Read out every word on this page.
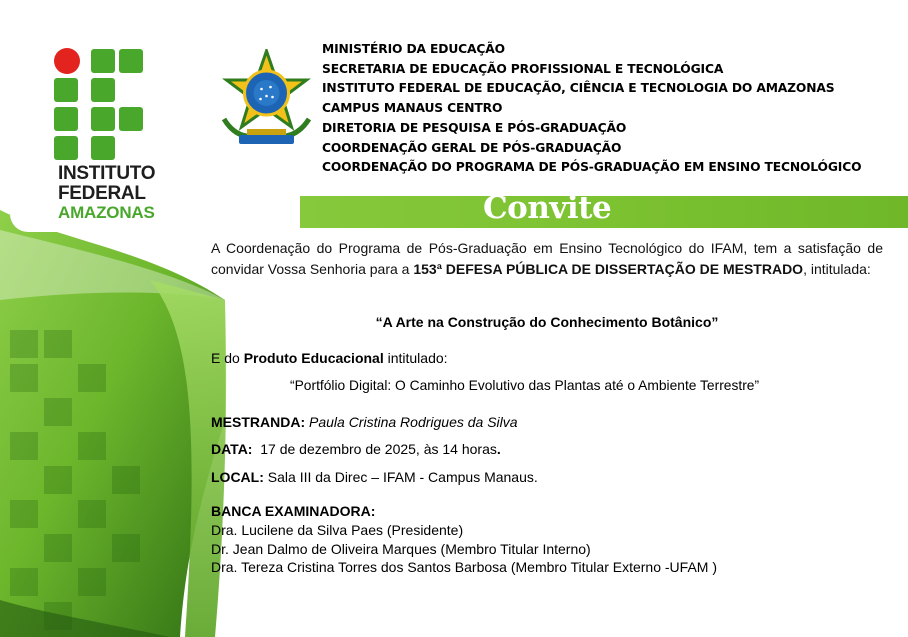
INSTITUTO
FEDERAL
AMAZONAS
MINISTÉRIO DA EDUCAÇÃO
SECRETARIA DE EDUCAÇÃO PROFISSIONAL E TECNOLÓGICA
INSTITUTO FEDERAL DE EDUCAÇÃO, CIÊNCIA E TECNOLOGIA DO AMAZONAS
CAMPUS MANAUS CENTRO
DIRETORIA DE PESQUISA E PÓS-GRADUAÇÃO
COORDENAÇÃO GERAL DE PÓS-GRADUAÇÃO
COORDENAÇÃO DO PROGRAMA DE PÓS-GRADUAÇÃO EM ENSINO TECNOLÓGICO
Convite
A Coordenação do Programa de Pós-Graduação em Ensino Tecnológico do IFAM, tem a satisfação de convidar Vossa Senhoria para a 153ª DEFESA PÚBLICA DE DISSERTAÇÃO DE MESTRADO, intitulada:
“A Arte na Construção do Conhecimento Botânico”
E do Produto Educacional intitulado:
“Portfólio Digital: O Caminho Evolutivo das Plantas até o Ambiente Terrestre”
MESTRANDA: Paula Cristina Rodrigues da Silva
DATA: 17 de dezembro de 2025, às 14 horas.
LOCAL: Sala III da Direc – IFAM - Campus Manaus.
BANCA EXAMINADORA:
Dra. Lucilene da Silva Paes (Presidente)
Dr. Jean Dalmo de Oliveira Marques (Membro Titular Interno)
Dra. Tereza Cristina Torres dos Santos Barbosa (Membro Titular Externo -UFAM )
